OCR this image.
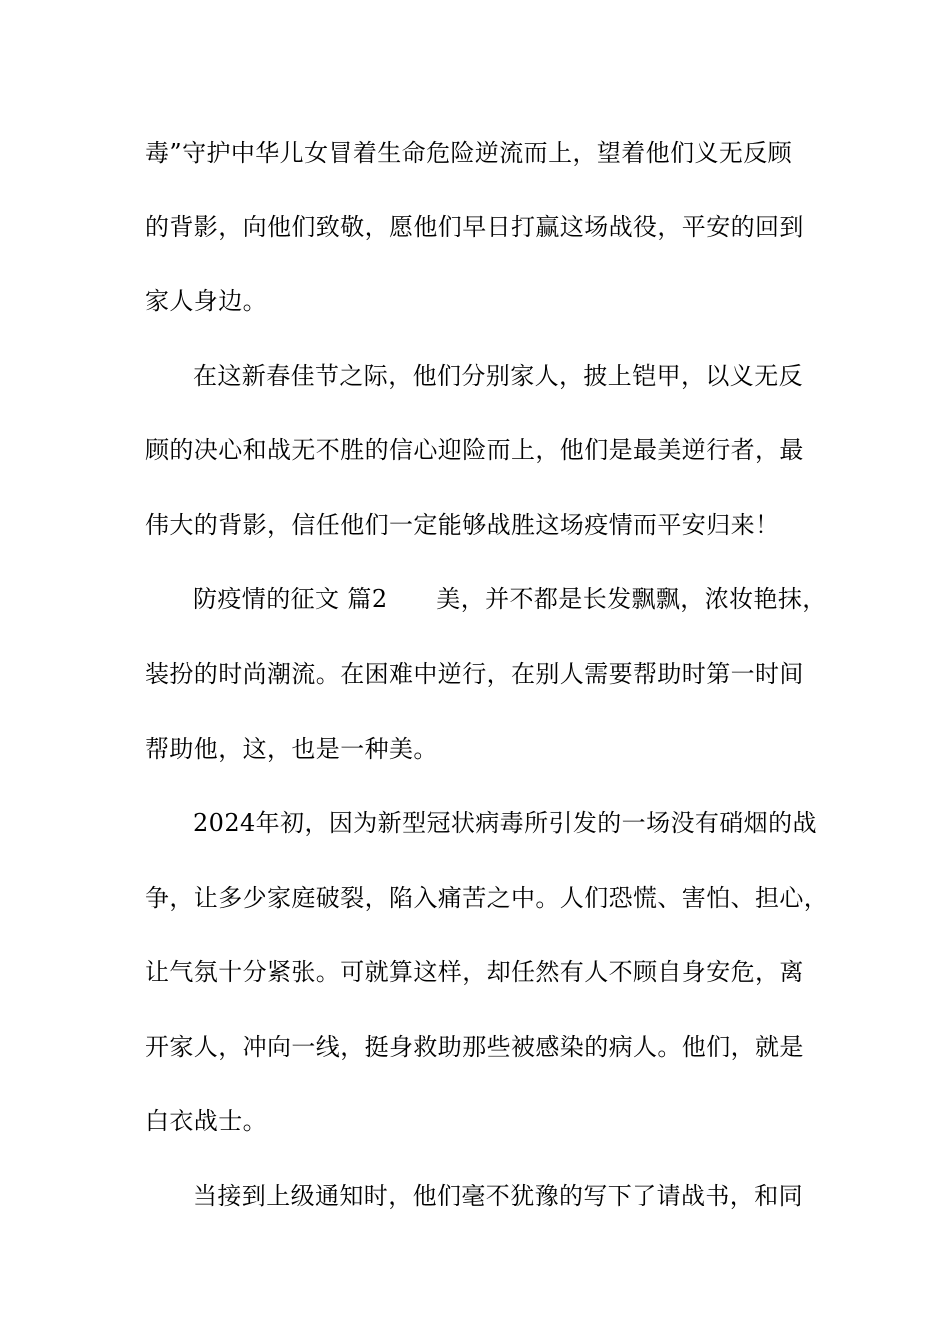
毒”守护中华儿女冒着生命危险逆流而上，望着他们义无反顾
的背影，向他们致敬，愿他们早日打赢这场战役，平安的回到
家人身边。
在这新春佳节之际，他们分别家人，披上铠甲，以义无反
顾的决心和战无不胜的信心迎险而上，他们是最美逆行者，最
伟大的背影，信任他们一定能够战胜这场疫情而平安归来！
防疫情的征文 篇2　　美，并不都是长发飘飘，浓妆艳抹，
装扮的时尚潮流。在困难中逆行，在别人需要帮助时第一时间
帮助他，这，也是一种美。
2024年初，因为新型冠状病毒所引发的一场没有硝烟的战
争，让多少家庭破裂，陷入痛苦之中。人们恐慌、害怕、担心，
让气氛十分紧张。可就算这样，却任然有人不顾自身安危，离
开家人，冲向一线，挺身救助那些被感染的病人。他们，就是
白衣战士。
当接到上级通知时，他们毫不犹豫的写下了请战书，和同
